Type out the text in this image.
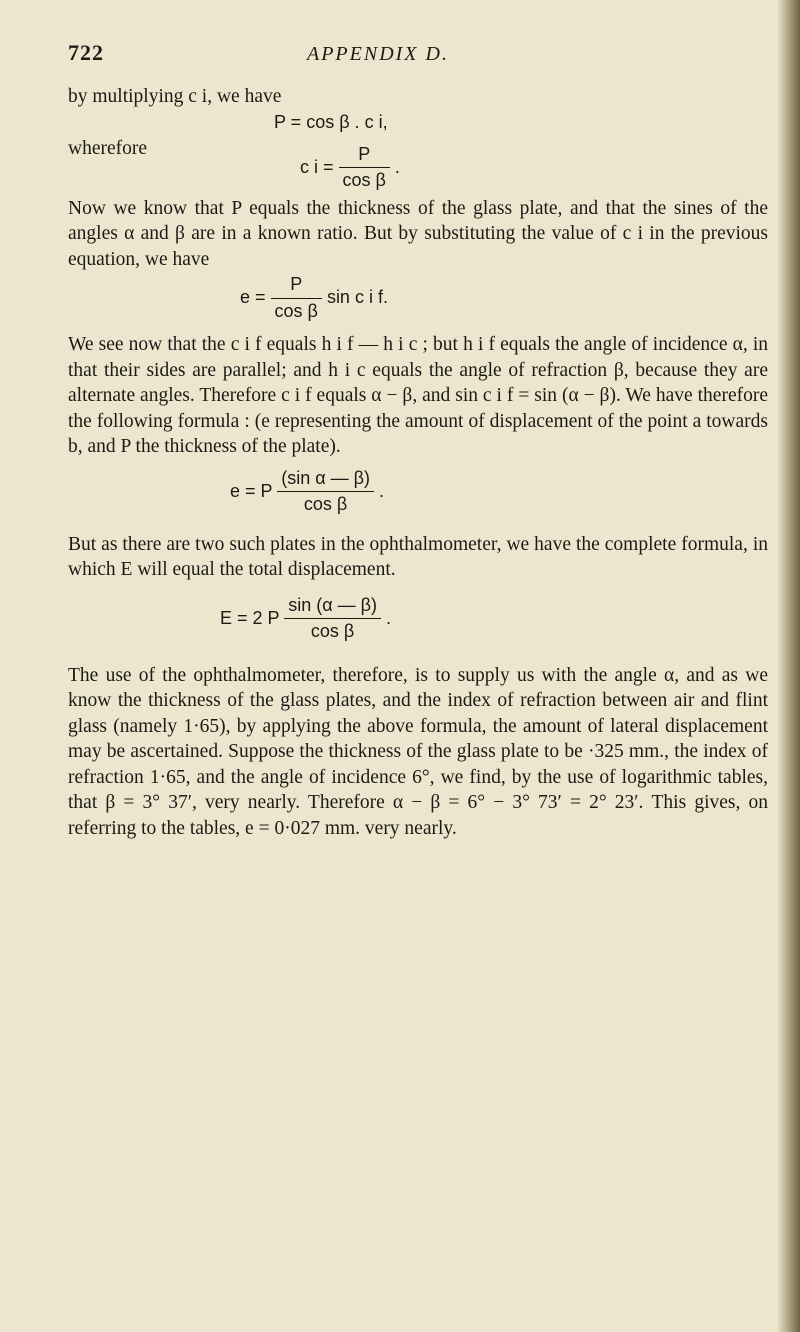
722	APPENDIX D.

by multiplying c i, we have

P = cos β . c i,
wherefore
c $i = \frac{P}{\text{cos β}}$ .

Now we know that P equals the thickness of the glass plate, and that the sines of the angles α and β are in a known ratio. But by substituting the value of c i in the previous equation, we have

$e = \frac{P}{\text{cos β}}$ sin c i f.

We see now that the c i f equals h i f — h i c ; but h i f equals the angle of incidence α, in that their sides are parallel; and h i c equals the angle of refraction β, because they are alternate angles. Therefore c i f equals α − β, and sin c i f = sin (α − β). We have therefore the following formula : (e representing the amount of displacement of the point a towards b, and P the thickness of the plate).

e = P $\frac{\text{(sin α — β)}}{\text{cos β}}$ .

But as there are two such plates in the ophthalmometer, we have the complete formula, in which E will equal the total displacement.

E = 2 P $\frac{\sin (\alpha — \beta)}{\text{cos β}}$ .

The use of the ophthalmometer, therefore, is to supply us with the angle α, and as we know the thickness of the glass plates, and the index of refraction between air and flint glass (namely 1·65), by applying the above formula, the amount of lateral displacement may be ascertained. Suppose the thickness of the glass plate to be ·325 mm., the index of refraction 1·65, and the angle of incidence 6°, we find, by the use of logarithmic tables, that β = 3° 37′, very nearly. Therefore α − β = 6° − 3° 73′ = 2° 23′. This gives, on referring to the tables, e = 0·027 mm. very nearly.
